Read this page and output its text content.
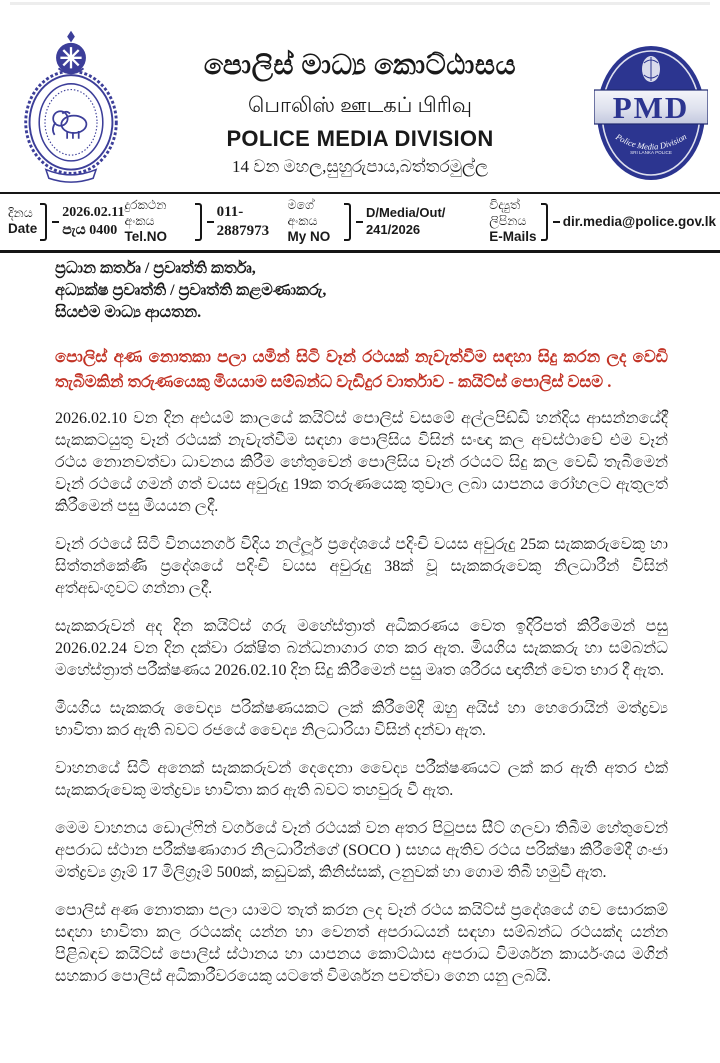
පොලිස් මාධ්‍ය කොට්ඨාසය
பொலிஸ் ஊடகப் பிரிவு
POLICE MEDIA DIVISION
14 වන මහල,සුහුරුපාය,බත්තරමුල්ල
PMD
Police Media Division
SRI LANKA POLICE
දිනය
Date
2026.02.11
පැය 0400
දුරකථන අංකය
Tel.NO
011-2887973
මගේ අංකය
My NO
D/Media/Out/ 241/2026
විද්‍යුත් ලිපිනය
E-Mails
dir.media@police.gov.lk
ප්‍රධාන කර්තෘ / ප්‍රවෘත්ති කර්තෘ,
අධ්‍යක්ෂ ප්‍රවෘත්ති / ප්‍රවෘත්ති කළමණාකරු,
සියළුම මාධ්‍ය ආයතන.
පොලිස් අණ නොතකා පලා යමින් සිටි වෑන් රථයක් නැවැත්වීම සඳහා සිදු කරන ලද වෙඩි තැබීමකින් තරුණයෙකු මියයාම සම්බන්ධ වැඩිදුර වාර්තාව - කයිට්ස් පොලිස් වසම .

2026.02.10 වන දින අළුයම් කාලයේ කයිට්ස් පොලිස් වසමේ අල්ලපිඩ්ඩි හන්දිය ආසන්නයේදී සැකකටයුතු වෑන් රථයක් නැවැත්වීම සඳහා පොලිසිය විසින් සංඥා කල අවස්ථාවේ එම වෑන් රථය නොනවත්වා ධාවනය කිරීම හේතුවෙන් පොලිසිය වෑන් රථයට සිදු කල වෙඩි තැබීමෙන් වෑන් රථයේ ගමන් ගත් වයස අවුරුදු 19ක තරුණයෙකු තුවාල ලබා යාපනය රෝහලට ඇතුලත් කිරීමෙන් පසු මියයන ලදී.

වෑන් රථයේ සිටි විනයනගර් විදිය නල්ලූර් ප්‍රදේශයේ පදිංචි වයස අවුරුදු 25ක සැකකරුවෙකු හා සිත්තන්කේණි ප්‍රදේශයේ පදිංචි වයස අවුරුදු 38ක් වූ සැකකරුවෙකු නිලධාරීන් විසින් අත්අඩංගුවට ගන්නා ලදී.

සැකකරුවන් අද දින කයිට්ස් ගරු මහේස්ත්‍රාත් අධිකරණය වෙත ඉදිරිපත් කිරීමෙන් පසු 2026.02.24 වන දින දක්වා රක්ෂිත බන්ධනාගාර ගත කර ඇත. මියගිය සැකකරු හා සම්බන්ධ මහේස්ත්‍රාත් පරීක්ෂණය 2026.02.10 දින සිදු කිරීමෙන් පසු මෘත ශරීරය ඥාතීන් වෙත භාර දී ඇත.

මියගිය සැකකරු වෛද්‍ය පරික්ෂණයකට ලක් කිරීමේදී ඔහු අයිස් හා හෙරොයින් මත්ද්‍රව්‍ය භාවිතා කර ඇති බවට රජයේ වෛද්‍ය නිලධාරියා විසින් දන්වා ඇත.

වාහනයේ සිටි අනෙක් සැකකරුවන් දෙදෙනා වෛද්‍ය පරීක්ෂණයට ලක් කර ඇති අතර එක් සැකකරුවෙකු මත්ද්‍රව්‍ය භාවිතා කර ඇති බවට තහවුරු වී ඇත.

මෙම වාහනය ඩොල්ෆින් වර්ගයේ වෑන් රථයක් වන අතර පිටුපස සීට් ගලවා තිබීම හේතුවෙන් අපරාධ ස්ථාන පරීක්ෂණාගාර නිලධාරීන්ගේ (SOCO ) සහය ඇතිව රථය පරික්ෂා කිරීමේදී ගංජා මත්ද්‍රව්‍ය ග්‍රෑම් 17 මිලිග්‍රෑම් 500ක්, කඩුවක්, කිනිස්සක්, ලනුවක් හා ගොම තිබී හමුවී ඇත.

පොලිස් අණ නොතකා පලා යාමට තැත් කරන ලද වෑන් රථය කයිට්ස් ප්‍රදේශයේ ගව සොරකම් සඳහා භාවිතා කල රථයක්ද යන්න හා වෙනත් අපරාධයන් සඳහා සම්බන්ධ රථයක්ද යන්න පිළිබඳව කයිට්ස් පොලිස් ස්ථානය හා යාපනය කොට්ඨාස අපරාධ විමර්ශන කාර්යංශය මගින් සහකාර පොලිස් අධිකාරීවරයෙකු යටතේ විමර්ශන පවත්වා ගෙන යනු ලබයි.
